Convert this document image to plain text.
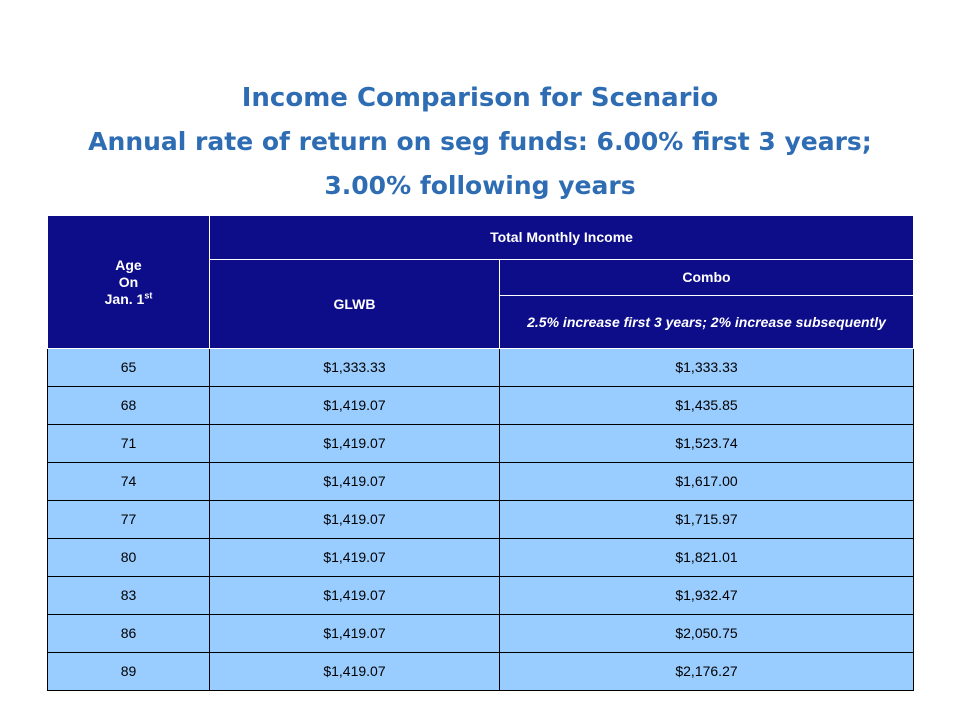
Income Comparison for Scenario
Annual rate of return on seg funds: 6.00% first 3 years;
3.00% following years
Age
On
Jan. 1st	Total Monthly Income	
	GLWB	Combo
		2.5% increase first 3 years; 2% increase subsequently
65	$1,333.33	$1,333.33
68	$1,419.07	$1,435.85
71	$1,419.07	$1,523.74
74	$1,419.07	$1,617.00
77	$1,419.07	$1,715.97
80	$1,419.07	$1,821.01
83	$1,419.07	$1,932.47
86	$1,419.07	$2,050.75
89	$1,419.07	$2,176.27
